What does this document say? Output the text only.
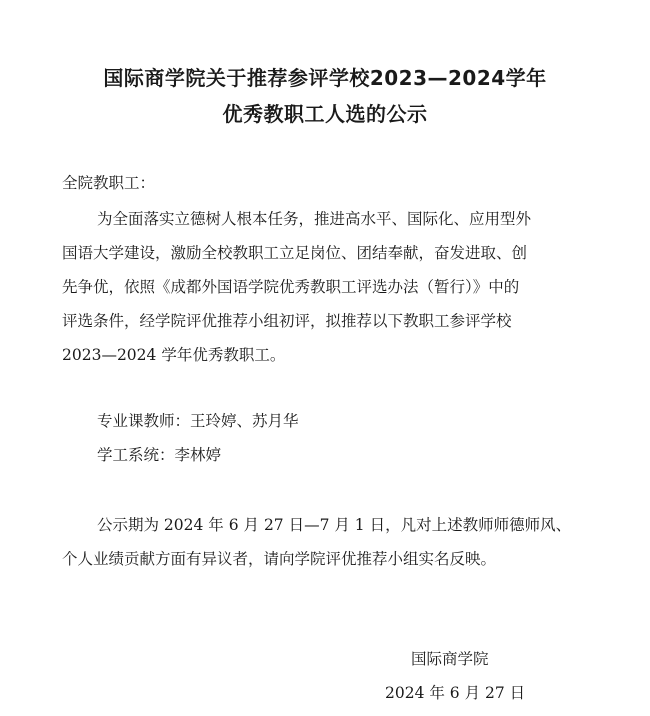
国际商学院关于推荐参评学校2023—2024学年
优秀教职工人选的公示
全院教职工：
为全面落实立德树人根本任务，推进高水平、国际化、应用型外
国语大学建设，激励全校教职工立足岗位、团结奉献，奋发进取、创
先争优，依照《成都外国语学院优秀教职工评选办法（暂行）》中的
评选条件，经学院评优推荐小组初评，拟推荐以下教职工参评学校
2023—2024 学年优秀教职工。
专业课教师：王玲婷、苏月华
学工系统：李林婷
公示期为 2024 年 6 月 27 日—7 月 1 日，凡对上述教师师德师风、
个人业绩贡献方面有异议者，请向学院评优推荐小组实名反映。
国际商学院
2024 年 6 月 27 日
